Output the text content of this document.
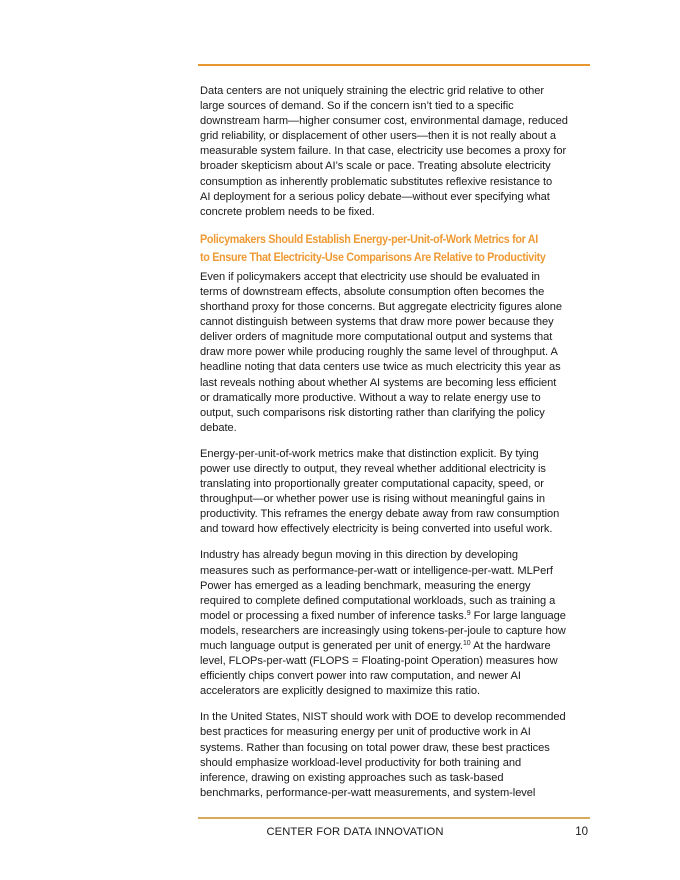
Data centers are not uniquely straining the electric grid relative to other
large sources of demand. So if the concern isn’t tied to a specific
downstream harm—higher consumer cost, environmental damage, reduced
grid reliability, or displacement of other users—then it is not really about a
measurable system failure. In that case, electricity use becomes a proxy for
broader skepticism about AI’s scale or pace. Treating absolute electricity
consumption as inherently problematic substitutes reflexive resistance to
AI deployment for a serious policy debate—without ever specifying what
concrete problem needs to be fixed.

Policymakers Should Establish Energy-per-Unit-of-Work Metrics for AI
to Ensure That Electricity-Use Comparisons Are Relative to Productivity

Even if policymakers accept that electricity use should be evaluated in
terms of downstream effects, absolute consumption often becomes the
shorthand proxy for those concerns. But aggregate electricity figures alone
cannot distinguish between systems that draw more power because they
deliver orders of magnitude more computational output and systems that
draw more power while producing roughly the same level of throughput. A
headline noting that data centers use twice as much electricity this year as
last reveals nothing about whether AI systems are becoming less efficient
or dramatically more productive. Without a way to relate energy use to
output, such comparisons risk distorting rather than clarifying the policy
debate.

Energy-per-unit-of-work metrics make that distinction explicit. By tying
power use directly to output, they reveal whether additional electricity is
translating into proportionally greater computational capacity, speed, or
throughput—or whether power use is rising without meaningful gains in
productivity. This reframes the energy debate away from raw consumption
and toward how effectively electricity is being converted into useful work.

Industry has already begun moving in this direction by developing
measures such as performance-per-watt or intelligence-per-watt. MLPerf
Power has emerged as a leading benchmark, measuring the energy
required to complete defined computational workloads, such as training a
model or processing a fixed number of inference tasks.$^9$ For large language
models, researchers are increasingly using tokens-per-joule to capture how
much language output is generated per unit of energy.$^{10}$ At the hardware
level, FLOPs-per-watt (FLOPS = Floating-point Operation) measures how
efficiently chips convert power into raw computation, and newer AI
accelerators are explicitly designed to maximize this ratio.

In the United States, NIST should work with DOE to develop recommended
best practices for measuring energy per unit of productive work in AI
systems. Rather than focusing on total power draw, these best practices
should emphasize workload-level productivity for both training and
inference, drawing on existing approaches such as task-based
benchmarks, performance-per-watt measurements, and system-level

CENTER FOR DATA INNOVATION	10
